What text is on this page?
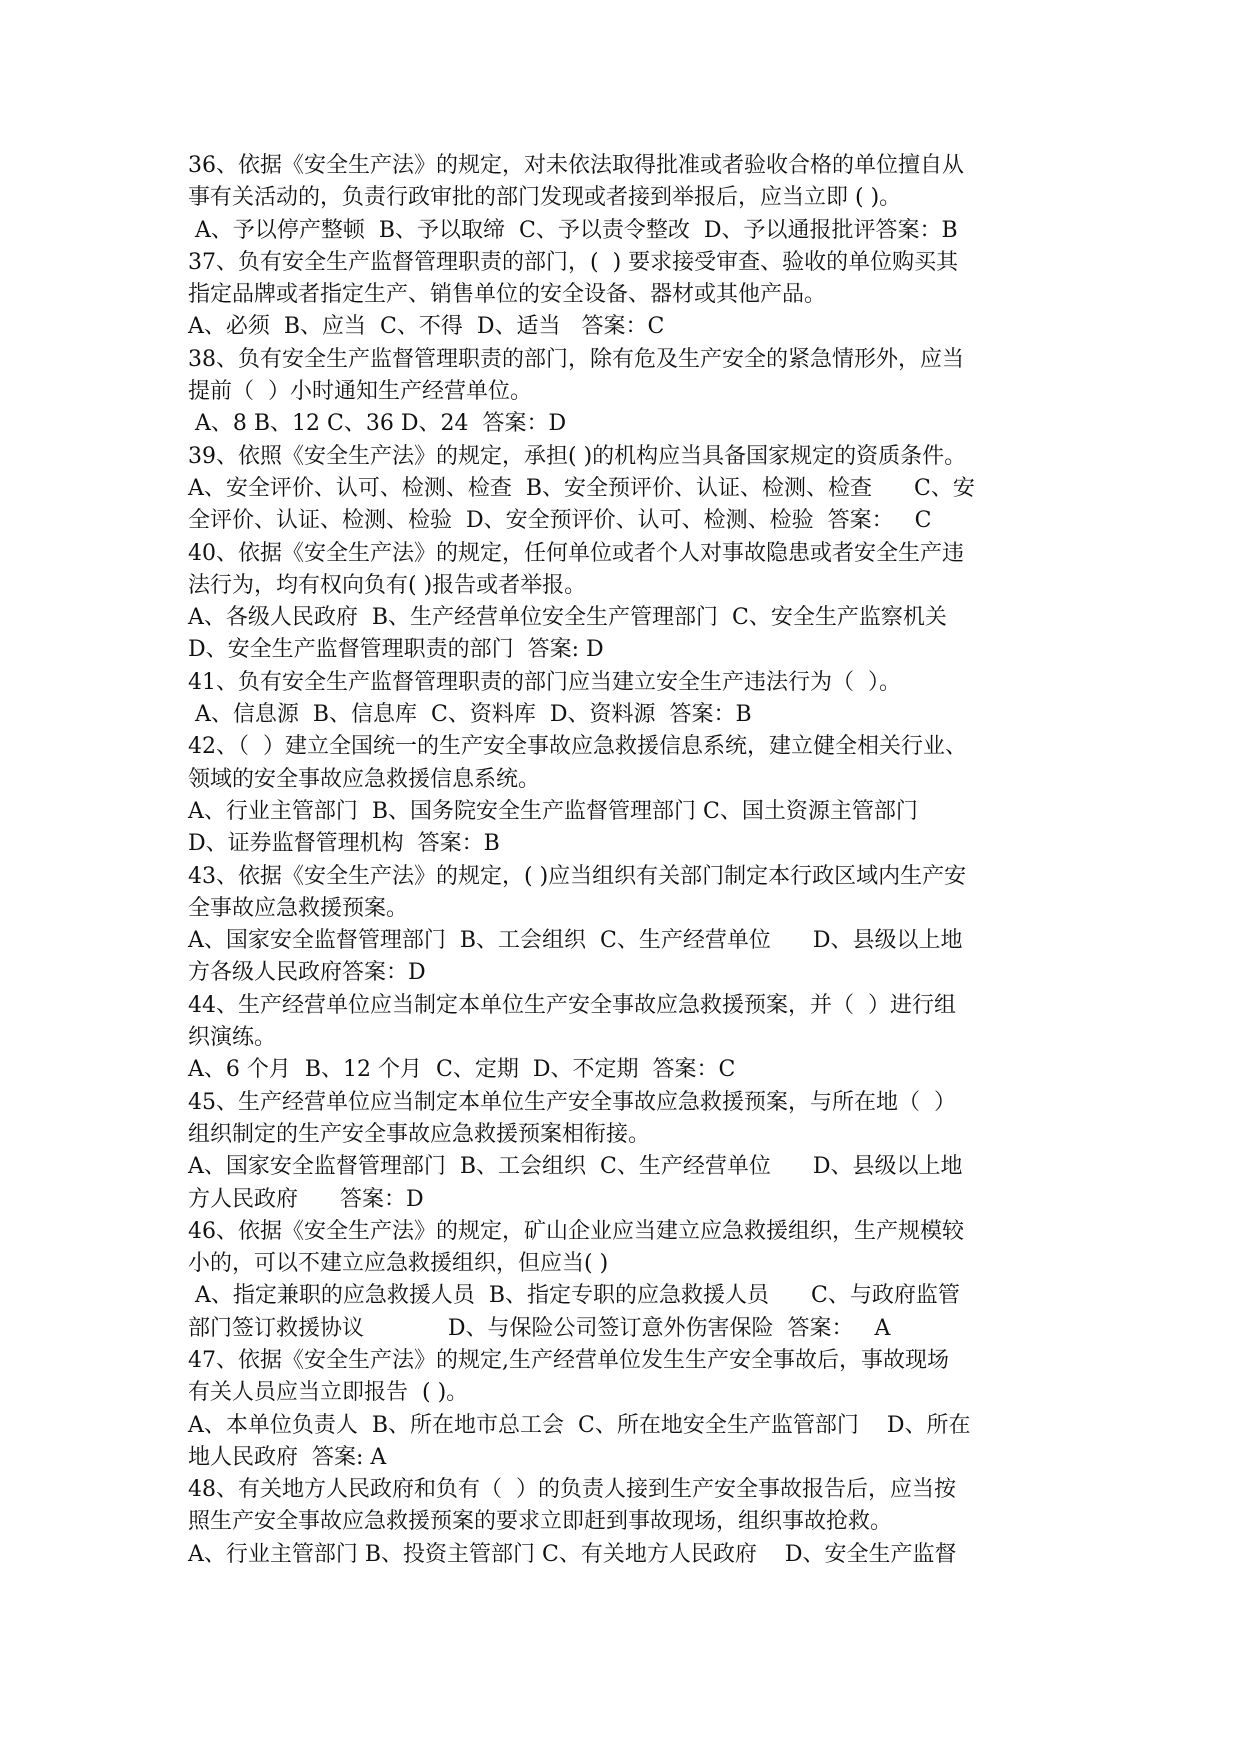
36、依据《安全生产法》的规定，对未依法取得批准或者验收合格的单位擅自从
事有关活动的，负责行政审批的部门发现或者接到举报后，应当立即 ( )。
A、予以停产整顿  B、予以取缔  C、予以责令整改  D、予以通报批评答案：B
37、负有安全生产监督管理职责的部门，(  ) 要求接受审查、验收的单位购买其
指定品牌或者指定生产、销售单位的安全设备、器材或其他产品。
A、必须  B、应当  C、不得  D、适当   答案：C
38、负有安全生产监督管理职责的部门，除有危及生产安全的紧急情形外，应当
提前（  ）小时通知生产经营单位。
A、8 B、12 C、36 D、24  答案：D
39、依照《安全生产法》的规定，承担( )的机构应当具备国家规定的资质条件。
A、安全评价、认可、检测、检查  B、安全预评价、认证、检测、检查      C、安
全评价、认证、检测、检验  D、安全预评价、认可、检测、检验  答案：   C
40、依据《安全生产法》的规定，任何单位或者个人对事故隐患或者安全生产违
法行为，均有权向负有( )报告或者举报。
A、各级人民政府  B、生产经营单位安全生产管理部门  C、安全生产监察机关
D、安全生产监督管理职责的部门  答案: D
41、负有安全生产监督管理职责的部门应当建立安全生产违法行为（  ）。
A、信息源  B、信息库  C、资料库  D、资料源  答案：B
42、（  ）建立全国统一的生产安全事故应急救援信息系统，建立健全相关行业、
领域的安全事故应急救援信息系统。
A、行业主管部门  B、国务院安全生产监督管理部门 C、国土资源主管部门
D、证券监督管理机构  答案：B
43、依据《安全生产法》的规定，( )应当组织有关部门制定本行政区域内生产安
全事故应急救援预案。
A、国家安全监督管理部门  B、工会组织  C、生产经营单位      D、县级以上地
方各级人民政府答案：D
44、生产经营单位应当制定本单位生产安全事故应急救援预案，并（  ）进行组
织演练。
A、6 个月  B、12 个月  C、定期  D、不定期  答案：C
45、生产经营单位应当制定本单位生产安全事故应急救援预案，与所在地（  ）
组织制定的生产安全事故应急救援预案相衔接。
A、国家安全监督管理部门  B、工会组织  C、生产经营单位      D、县级以上地
方人民政府      答案：D
46、依据《安全生产法》的规定，矿山企业应当建立应急救援组织，生产规模较
小的，可以不建立应急救援组织，但应当( )
A、指定兼职的应急救援人员  B、指定专职的应急救援人员      C、与政府监管
部门签订救援协议            D、与保险公司签订意外伤害保险  答案：   A
47、依据《安全生产法》的规定,生产经营单位发生生产安全事故后，事故现场
有关人员应当立即报告  ( )。
A、本单位负责人  B、所在地市总工会  C、所在地安全生产监管部门    D、所在
地人民政府  答案: A
48、有关地方人民政府和负有（  ）的负责人接到生产安全事故报告后，应当按
照生产安全事故应急救援预案的要求立即赶到事故现场，组织事故抢救。
A、行业主管部门 B、投资主管部门 C、有关地方人民政府    D、安全生产监督
